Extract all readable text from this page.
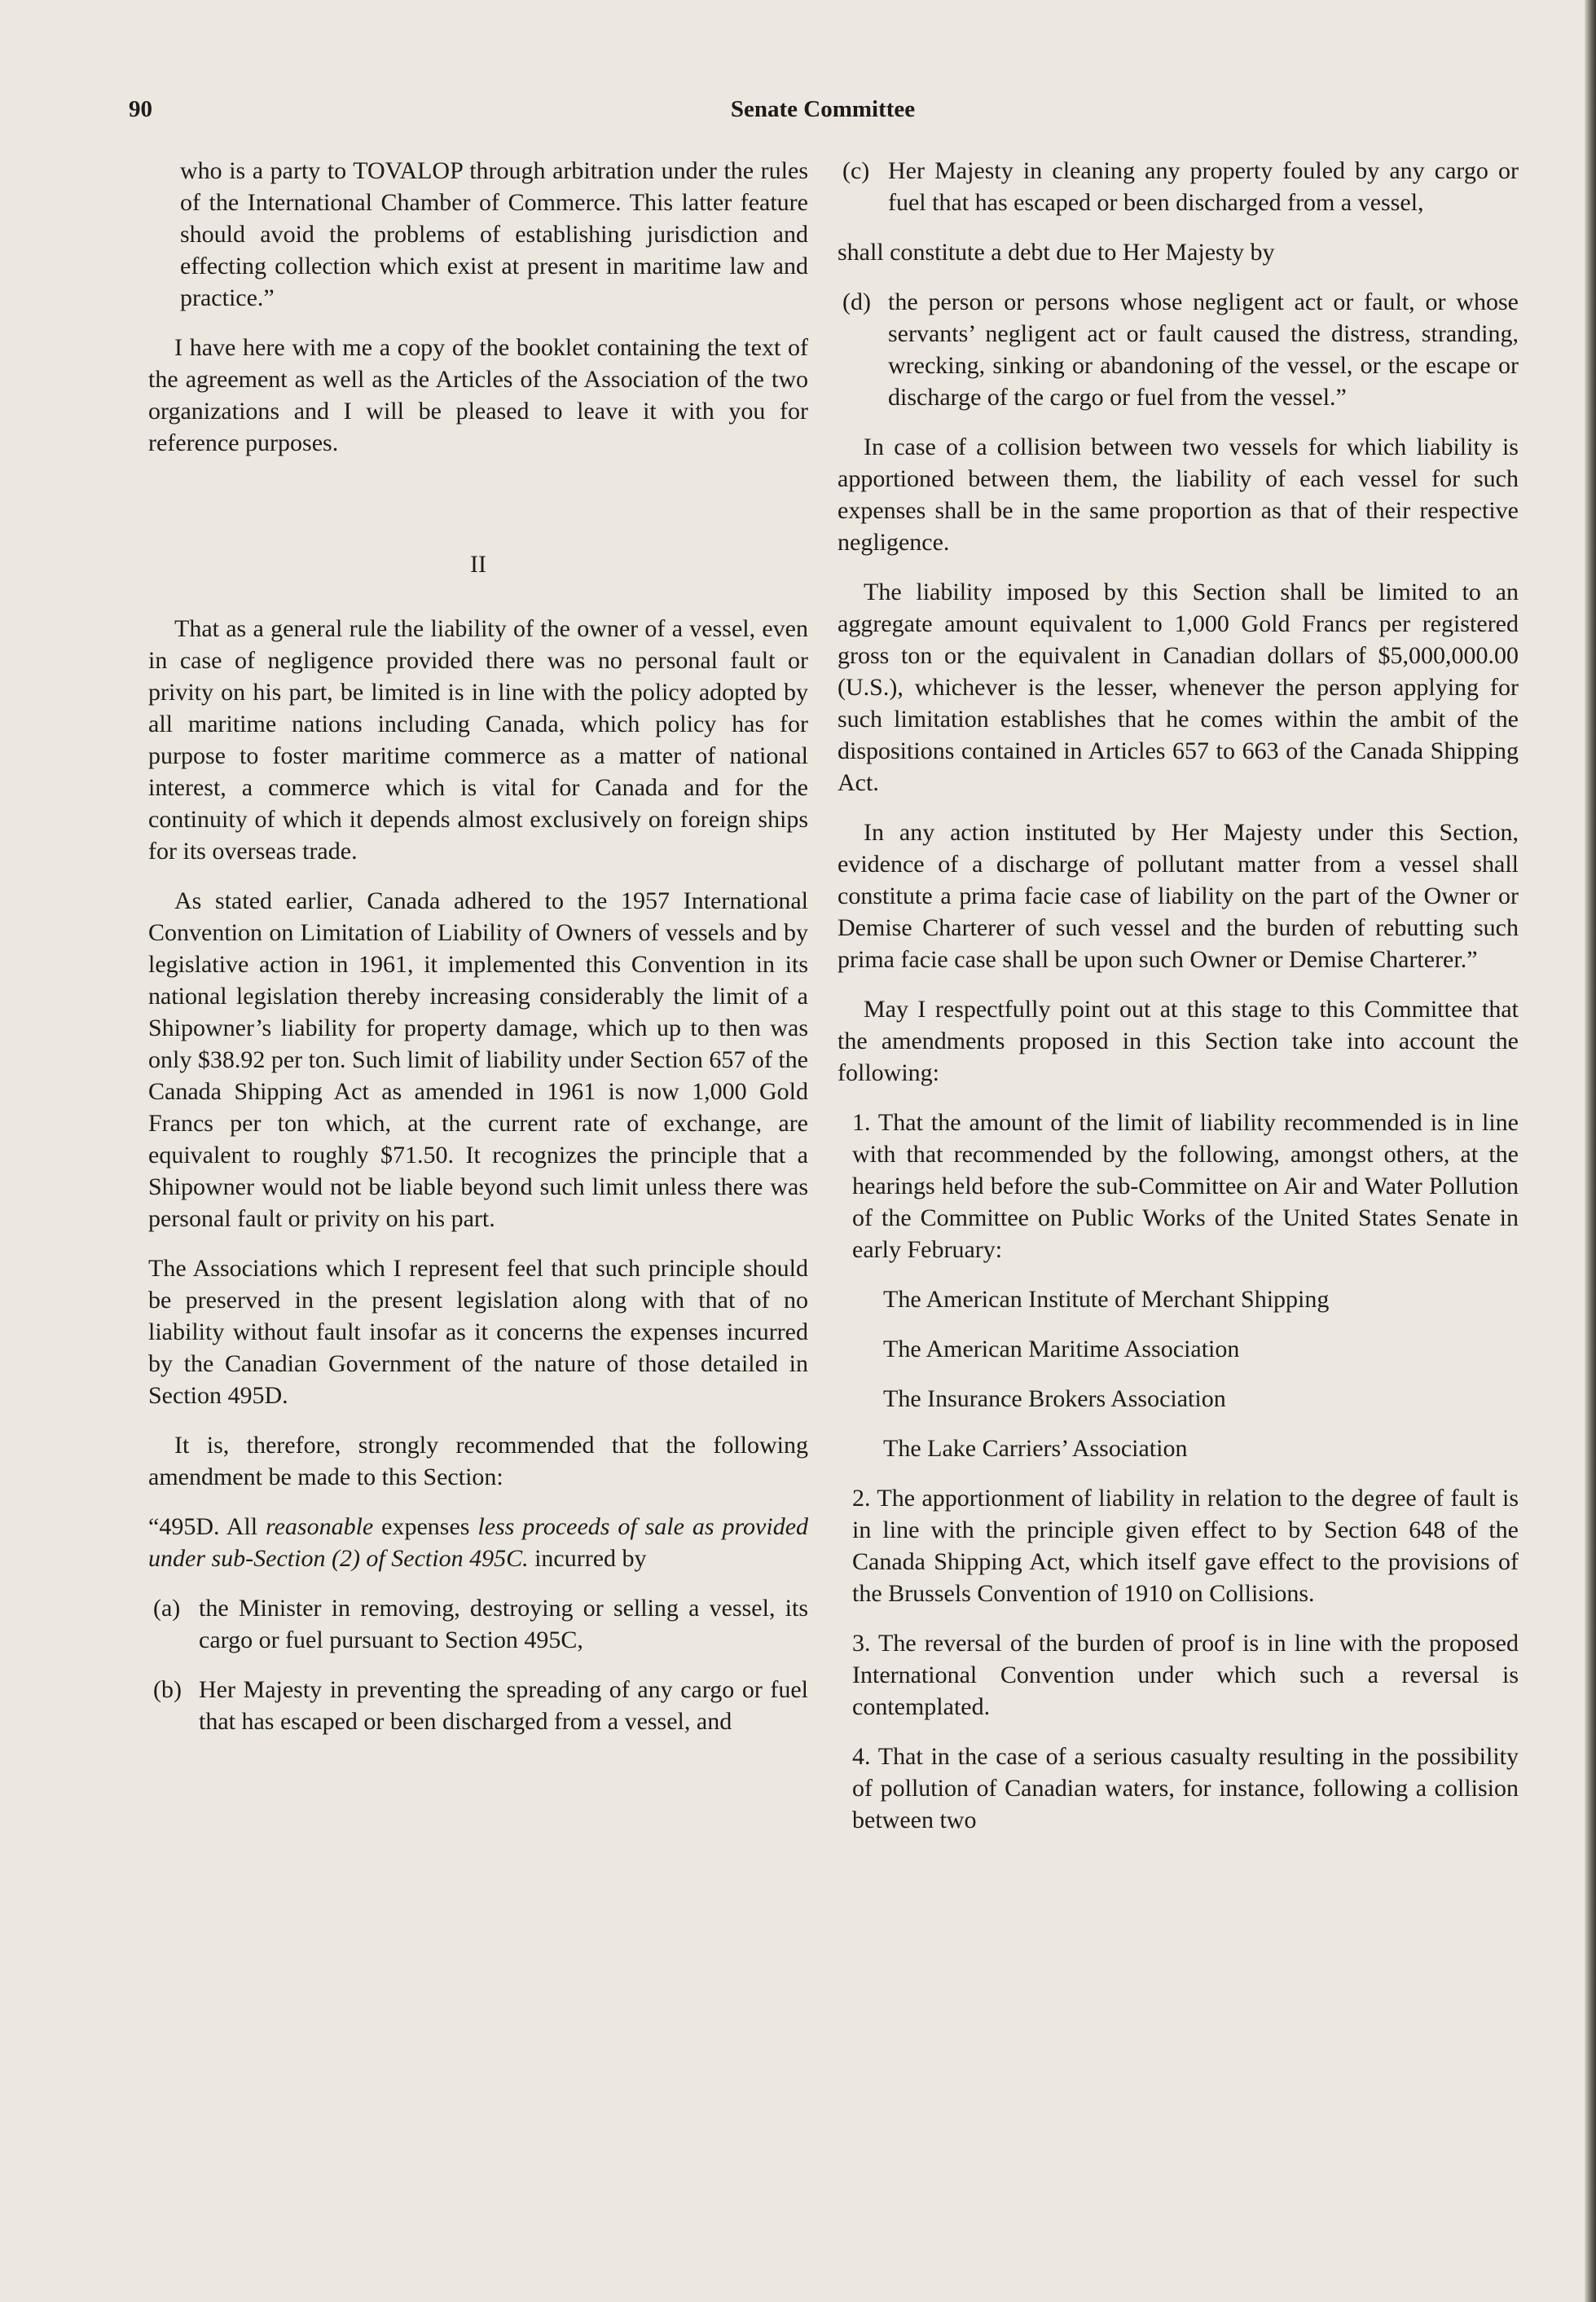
90	Senate Committee

who is a party to TOVALOP through arbitration under the rules of the International Chamber of Commerce. This latter feature should avoid the problems of establishing jurisdiction and effecting collection which exist at present in maritime law and practice.”

I have here with me a copy of the booklet containing the text of the agreement as well as the Articles of the Association of the two organizations and I will be pleased to leave it with you for reference purposes.

II

That as a general rule the liability of the owner of a vessel, even in case of negligence provided there was no personal fault or privity on his part, be limited is in line with the policy adopted by all maritime nations including Canada, which policy has for purpose to foster maritime commerce as a matter of national interest, a commerce which is vital for Canada and for the continuity of which it depends almost exclusively on foreign ships for its overseas trade.

As stated earlier, Canada adhered to the 1957 International Convention on Limitation of Liability of Owners of vessels and by legislative action in 1961, it implemented this Convention in its national legislation thereby increasing considerably the limit of a Shipowner’s liability for property damage, which up to then was only $38.92 per ton. Such limit of liability under Section 657 of the Canada Shipping Act as amended in 1961 is now 1,000 Gold Francs per ton which, at the current rate of exchange, are equivalent to roughly $71.50. It recognizes the principle that a Shipowner would not be liable beyond such limit unless there was personal fault or privity on his part.

The Associations which I represent feel that such principle should be preserved in the present legislation along with that of no liability without fault insofar as it concerns the expenses incurred by the Canadian Government of the nature of those detailed in Section 495D.

It is, therefore, strongly recommended that the following amendment be made to this Section:

“495D. All reasonable expenses less proceeds of sale as provided under sub-Section (2) of Section 495C. incurred by

(a) the Minister in removing, destroying or selling a vessel, its cargo or fuel pursuant to Section 495C,
(b) Her Majesty in preventing the spreading of any cargo or fuel that has escaped or been discharged from a vessel, and
(c) Her Majesty in cleaning any property fouled by any cargo or fuel that has escaped or been discharged from a vessel,

shall constitute a debt due to Her Majesty by

(d) the person or persons whose negligent act or fault, or whose servants’ negligent act or fault caused the distress, stranding, wrecking, sinking or abandoning of the vessel, or the escape or discharge of the cargo or fuel from the vessel.”

In case of a collision between two vessels for which liability is apportioned between them, the liability of each vessel for such expenses shall be in the same proportion as that of their respective negligence.

The liability imposed by this Section shall be limited to an aggregate amount equivalent to 1,000 Gold Francs per registered gross ton or the equivalent in Canadian dollars of $5,000,000.00 (U.S.), whichever is the lesser, whenever the person applying for such limitation establishes that he comes within the ambit of the dispositions contained in Articles 657 to 663 of the Canada Shipping Act.

In any action instituted by Her Majesty under this Section, evidence of a discharge of pollutant matter from a vessel shall constitute a prima facie case of liability on the part of the Owner or Demise Charterer of such vessel and the burden of rebutting such prima facie case shall be upon such Owner or Demise Charterer.”

May I respectfully point out at this stage to this Committee that the amendments proposed in this Section take into account the following:

1. That the amount of the limit of liability recommended is in line with that recommended by the following, amongst others, at the hearings held before the sub-Committee on Air and Water Pollution of the Committee on Public Works of the United States Senate in early February:

The American Institute of Merchant Shipping

The American Maritime Association

The Insurance Brokers Association

The Lake Carriers’ Association

2. The apportionment of liability in relation to the degree of fault is in line with the principle given effect to by Section 648 of the Canada Shipping Act, which itself gave effect to the provisions of the Brussels Convention of 1910 on Collisions.

3. The reversal of the burden of proof is in line with the proposed International Convention under which such a reversal is contemplated.

4. That in the case of a serious casualty resulting in the possibility of pollution of Canadian waters, for instance, following a collision between two
